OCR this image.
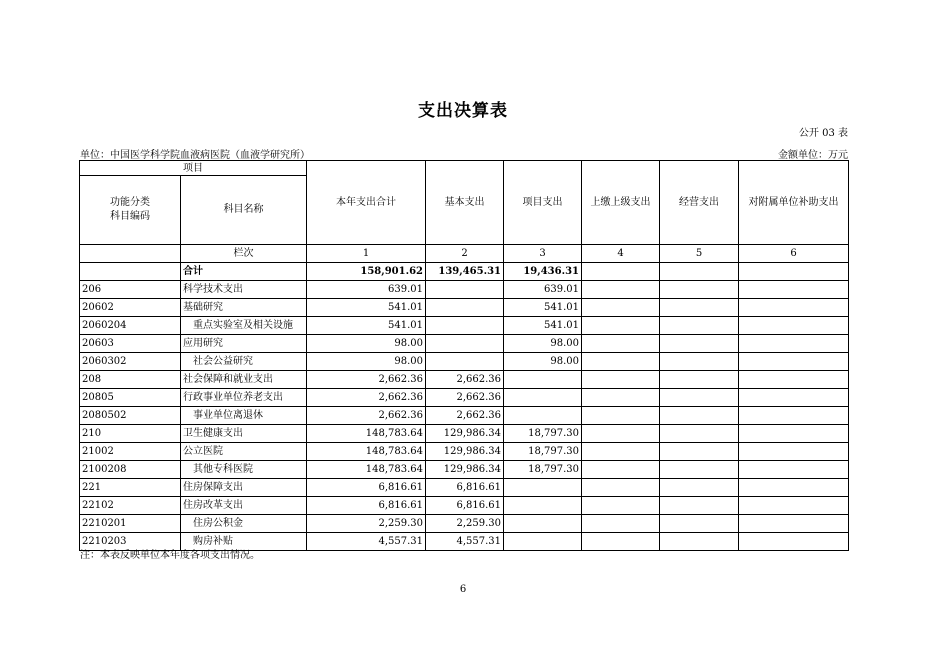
支出决算表
公开 03 表
单位：中国医学科学院血液病医院（血液学研究所）	金额单位：万元
项目		本年支出合计	基本支出	项目支出	上缴上级支出	经营支出	对附属单位补助支出

功能分类
科目编码	科目名称						
	栏次	1	2	3	4	5	6
	合计	158,901.62	139,465.31	19,436.31			
206	科学技术支出	639.01		639.01			
20602	基础研究	541.01		541.01			
2060204	重点实验室及相关设施	541.01		541.01			
20603	应用研究	98.00		98.00			
2060302	社会公益研究	98.00		98.00			
208	社会保障和就业支出	2,662.36	2,662.36				
20805	行政事业单位养老支出	2,662.36	2,662.36				
2080502	事业单位离退休	2,662.36	2,662.36				
210	卫生健康支出	148,783.64	129,986.34	18,797.30			
21002	公立医院	148,783.64	129,986.34	18,797.30			
2100208	其他专科医院	148,783.64	129,986.34	18,797.30			
221	住房保障支出	6,816.61	6,816.61				
22102	住房改革支出	6,816.61	6,816.61				
2210201	住房公积金	2,259.30	2,259.30				
2210203	购房补贴	4,557.31	4,557.31				
注：本表反映单位本年度各项支出情况。
6
